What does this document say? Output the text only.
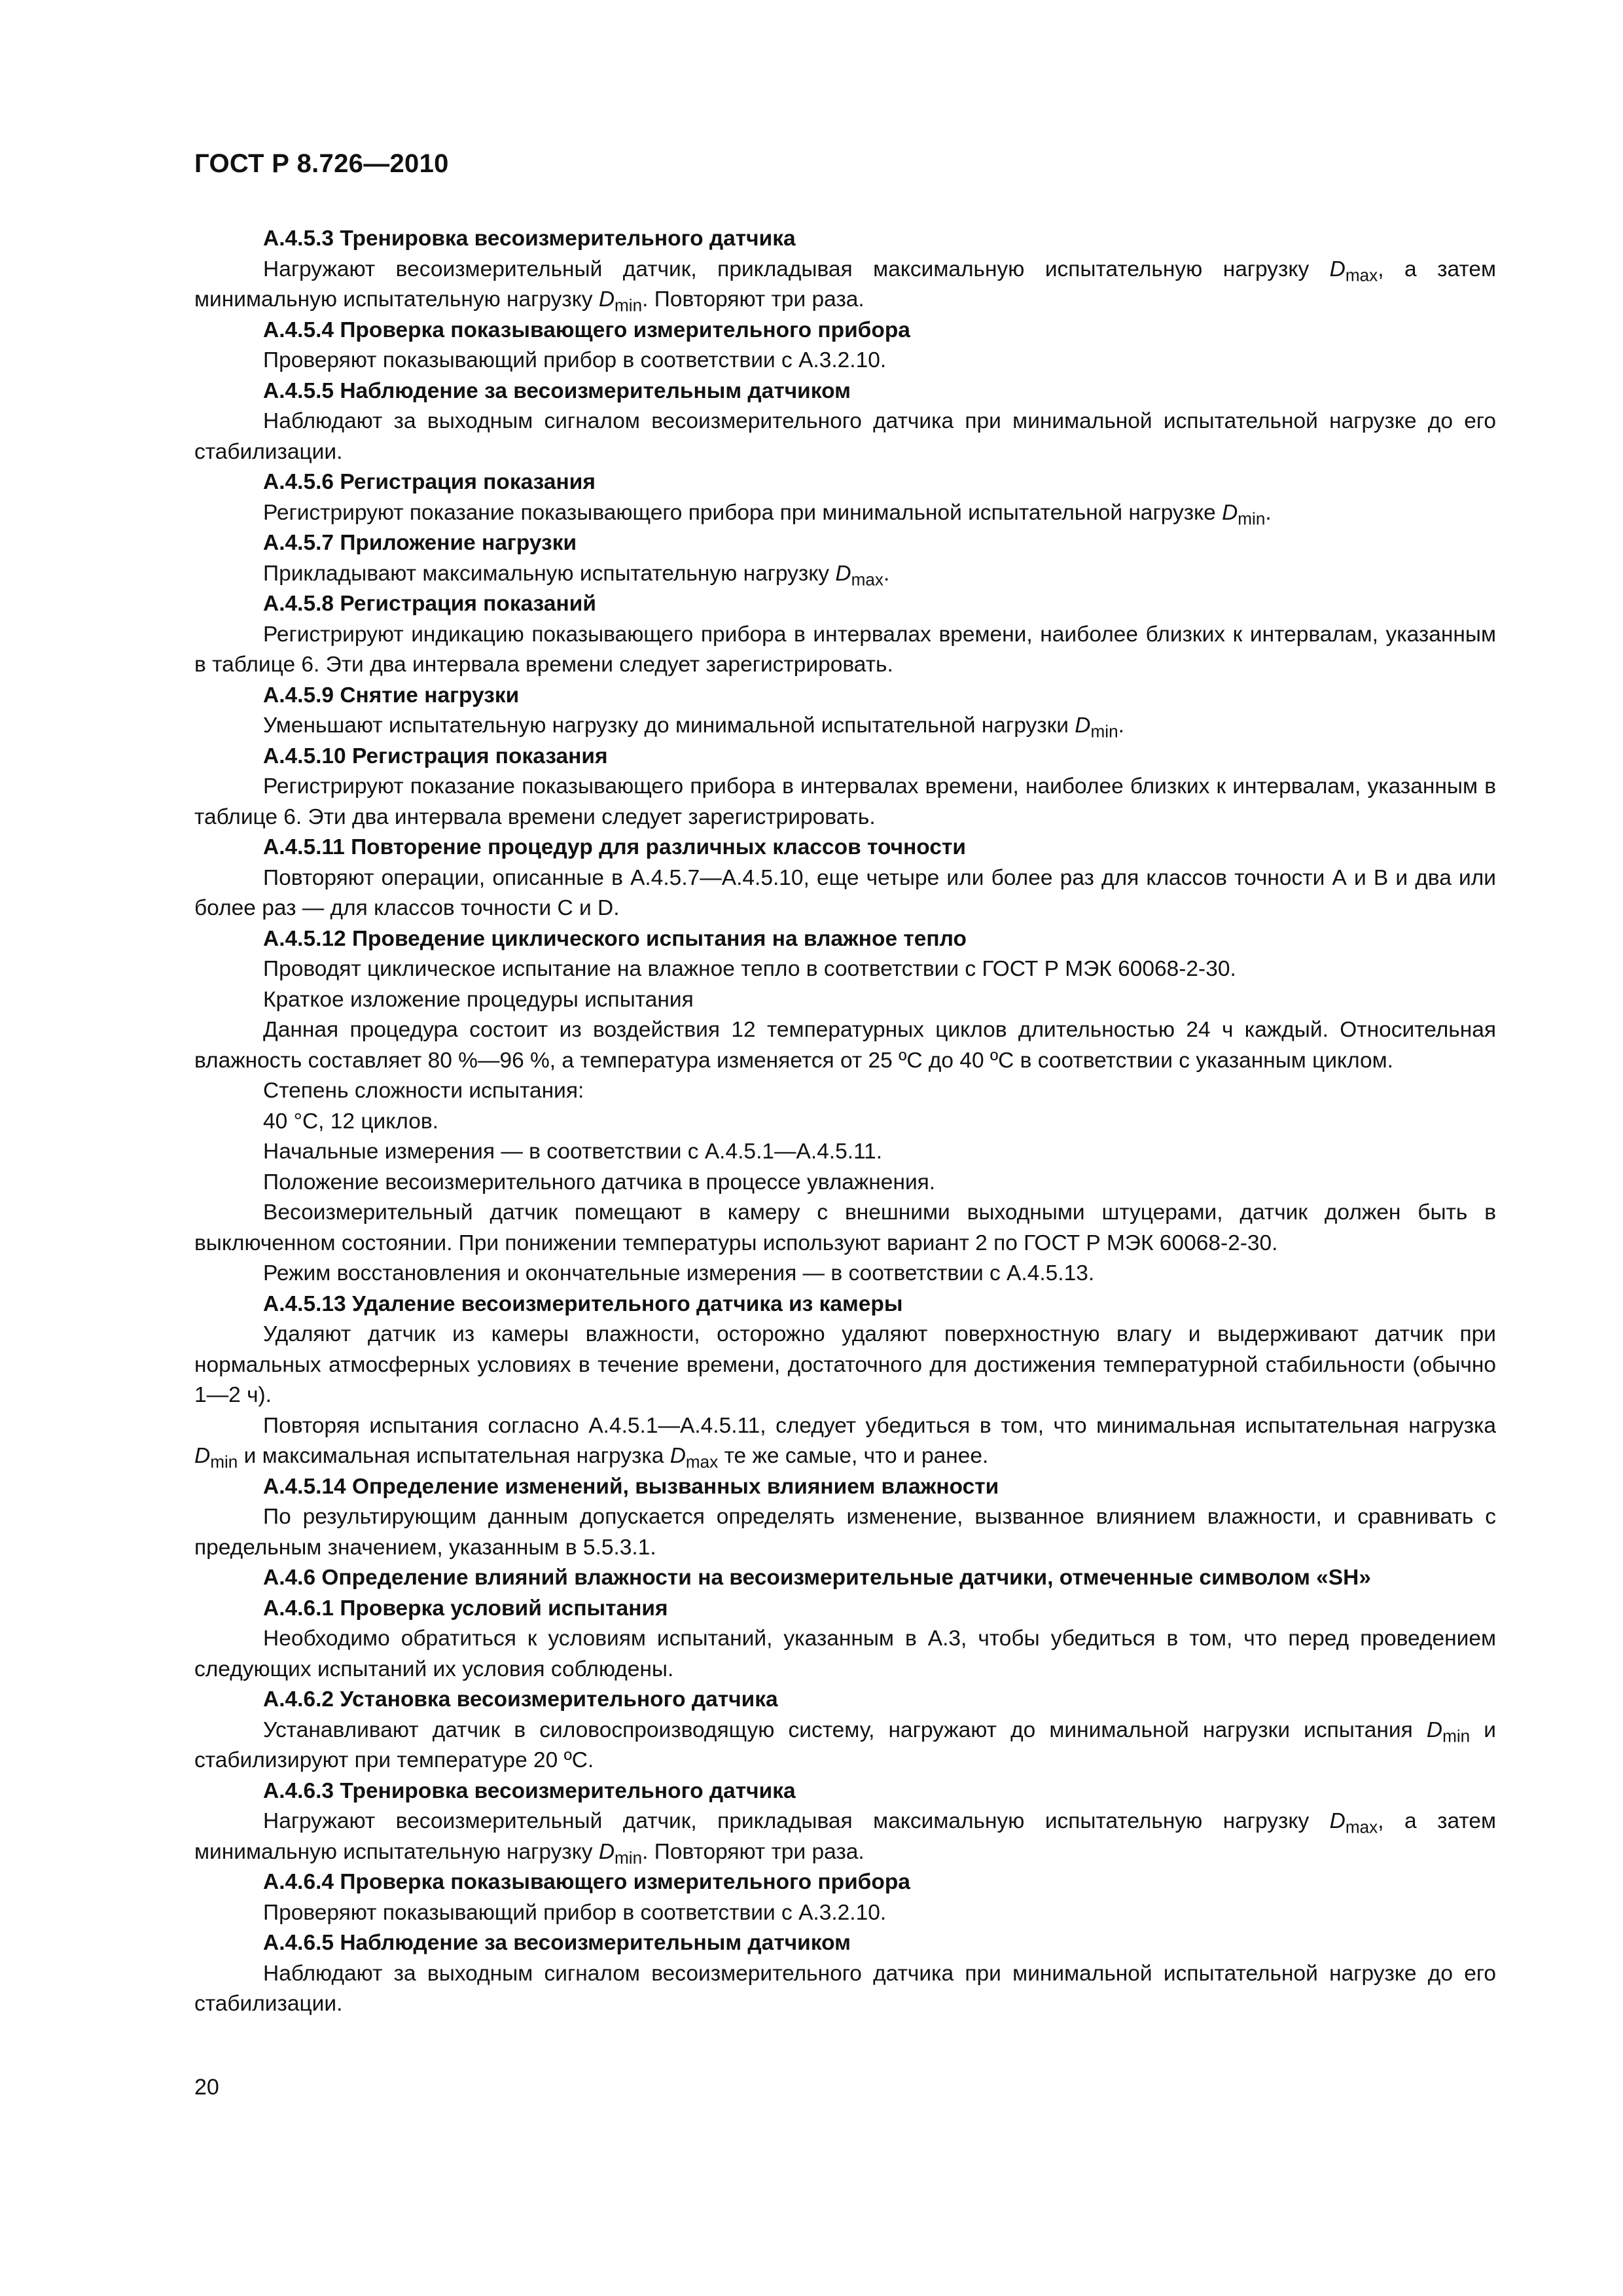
ГОСТ Р 8.726—2010

А.4.5.3 Тренировка весоизмерительного датчика

Нагружают весоизмерительный датчик, прикладывая максимальную испытательную нагрузку $D_{max}$, а затем минимальную испытательную нагрузку $D_{min}$. Повторяют три раза.

А.4.5.4 Проверка показывающего измерительного прибора

Проверяют показывающий прибор в соответствии с А.3.2.10.

А.4.5.5 Наблюдение за весоизмерительным датчиком

Наблюдают за выходным сигналом весоизмерительного датчика при минимальной испытательной нагрузке до его стабилизации.

А.4.5.6 Регистрация показания

Регистрируют показание показывающего прибора при минимальной испытательной нагрузке $D_{min}$.

А.4.5.7 Приложение нагрузки

Прикладывают максимальную испытательную нагрузку $D_{max}$.

А.4.5.8 Регистрация показаний

Регистрируют индикацию показывающего прибора в интервалах времени, наиболее близких к интервалам, указанным в таблице 6. Эти два интервала времени следует зарегистрировать.

А.4.5.9 Снятие нагрузки

Уменьшают испытательную нагрузку до минимальной испытательной нагрузки $D_{min}$.

А.4.5.10 Регистрация показания

Регистрируют показание показывающего прибора в интервалах времени, наиболее близких к интервалам, указанным в таблице 6. Эти два интервала времени следует зарегистрировать.

А.4.5.11 Повторение процедур для различных классов точности

Повторяют операции, описанные в А.4.5.7—А.4.5.10, еще четыре или более раз для классов точности А и В и два или более раз — для классов точности С и D.

А.4.5.12 Проведение циклического испытания на влажное тепло

Проводят циклическое испытание на влажное тепло в соответствии с ГОСТ Р МЭК 60068-2-30.

Краткое изложение процедуры испытания

Данная процедура состоит из воздействия 12 температурных циклов длительностью 24 ч каждый. Относительная влажность составляет 80 %—96 %, а температура изменяется от 25 ºC до 40 ºC в соответствии с указанным циклом.

Степень сложности испытания:

40 °C, 12 циклов.

Начальные измерения — в соответствии с А.4.5.1—А.4.5.11.

Положение весоизмерительного датчика в процессе увлажнения.

Весоизмерительный датчик помещают в камеру с внешними выходными штуцерами, датчик должен быть в выключенном состоянии. При понижении температуры используют вариант 2 по ГОСТ Р МЭК 60068-2-30.

Режим восстановления и окончательные измерения — в соответствии с А.4.5.13.

А.4.5.13 Удаление весоизмерительного датчика из камеры

Удаляют датчик из камеры влажности, осторожно удаляют поверхностную влагу и выдерживают датчик при нормальных атмосферных условиях в течение времени, достаточного для достижения температурной стабильности (обычно 1—2 ч).

Повторяя испытания согласно А.4.5.1—А.4.5.11, следует убедиться в том, что минимальная испытательная нагрузка $D_{min}$ и максимальная испытательная нагрузка $D_{max}$ те же самые, что и ранее.

А.4.5.14 Определение изменений, вызванных влиянием влажности

По результирующим данным допускается определять изменение, вызванное влиянием влажности, и сравнивать с предельным значением, указанным в 5.5.3.1.

А.4.6 Определение влияний влажности на весоизмерительные датчики, отмеченные символом «SH»

А.4.6.1 Проверка условий испытания

Необходимо обратиться к условиям испытаний, указанным в А.3, чтобы убедиться в том, что перед проведением следующих испытаний их условия соблюдены.

А.4.6.2 Установка весоизмерительного датчика

Устанавливают датчик в силовоспроизводящую систему, нагружают до минимальной нагрузки испытания $D_{min}$ и стабилизируют при температуре 20 ºC.

А.4.6.3 Тренировка весоизмерительного датчика

Нагружают весоизмерительный датчик, прикладывая максимальную испытательную нагрузку $D_{max}$, а затем минимальную испытательную нагрузку $D_{min}$. Повторяют три раза.

А.4.6.4 Проверка показывающего измерительного прибора

Проверяют показывающий прибор в соответствии с А.3.2.10.

А.4.6.5 Наблюдение за весоизмерительным датчиком

Наблюдают за выходным сигналом весоизмерительного датчика при минимальной испытательной нагрузке до его стабилизации.

20
